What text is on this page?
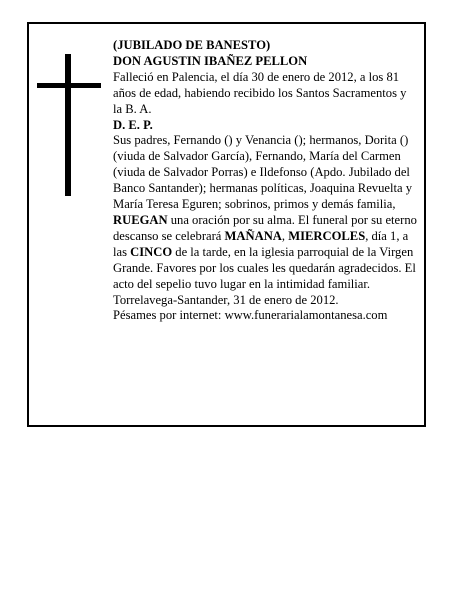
(JUBILADO DE BANESTO)

DON AGUSTIN IBAÑEZ PELLON

Falleció en Palencia, el día 30 de enero de 2012, a los 81 años de edad, habiendo recibido los Santos Sacramentos y la B. A.

D. E. P.

Sus padres, Fernando () y Venancia (); hermanos, Dorita () (viuda de Salvador García), Fernando, María del Carmen (viuda de Salvador Porras) e Ildefonso (Apdo. Jubilado del Banco Santander); hermanas políticas, Joaquina Revuelta y María Teresa Eguren; sobrinos, primos y demás familia,

RUEGAN una oración por su alma. El funeral por su eterno descanso se celebrará MAÑANA, MIERCOLES, día 1, a las CINCO de la tarde, en la iglesia parroquial de la Virgen Grande. Favores por los cuales les quedarán agradecidos. El acto del sepelio tuvo lugar en la intimidad familiar.

Torrelavega-Santander, 31 de enero de 2012.

Pésames por internet: www.funerarialamontanesa.com
